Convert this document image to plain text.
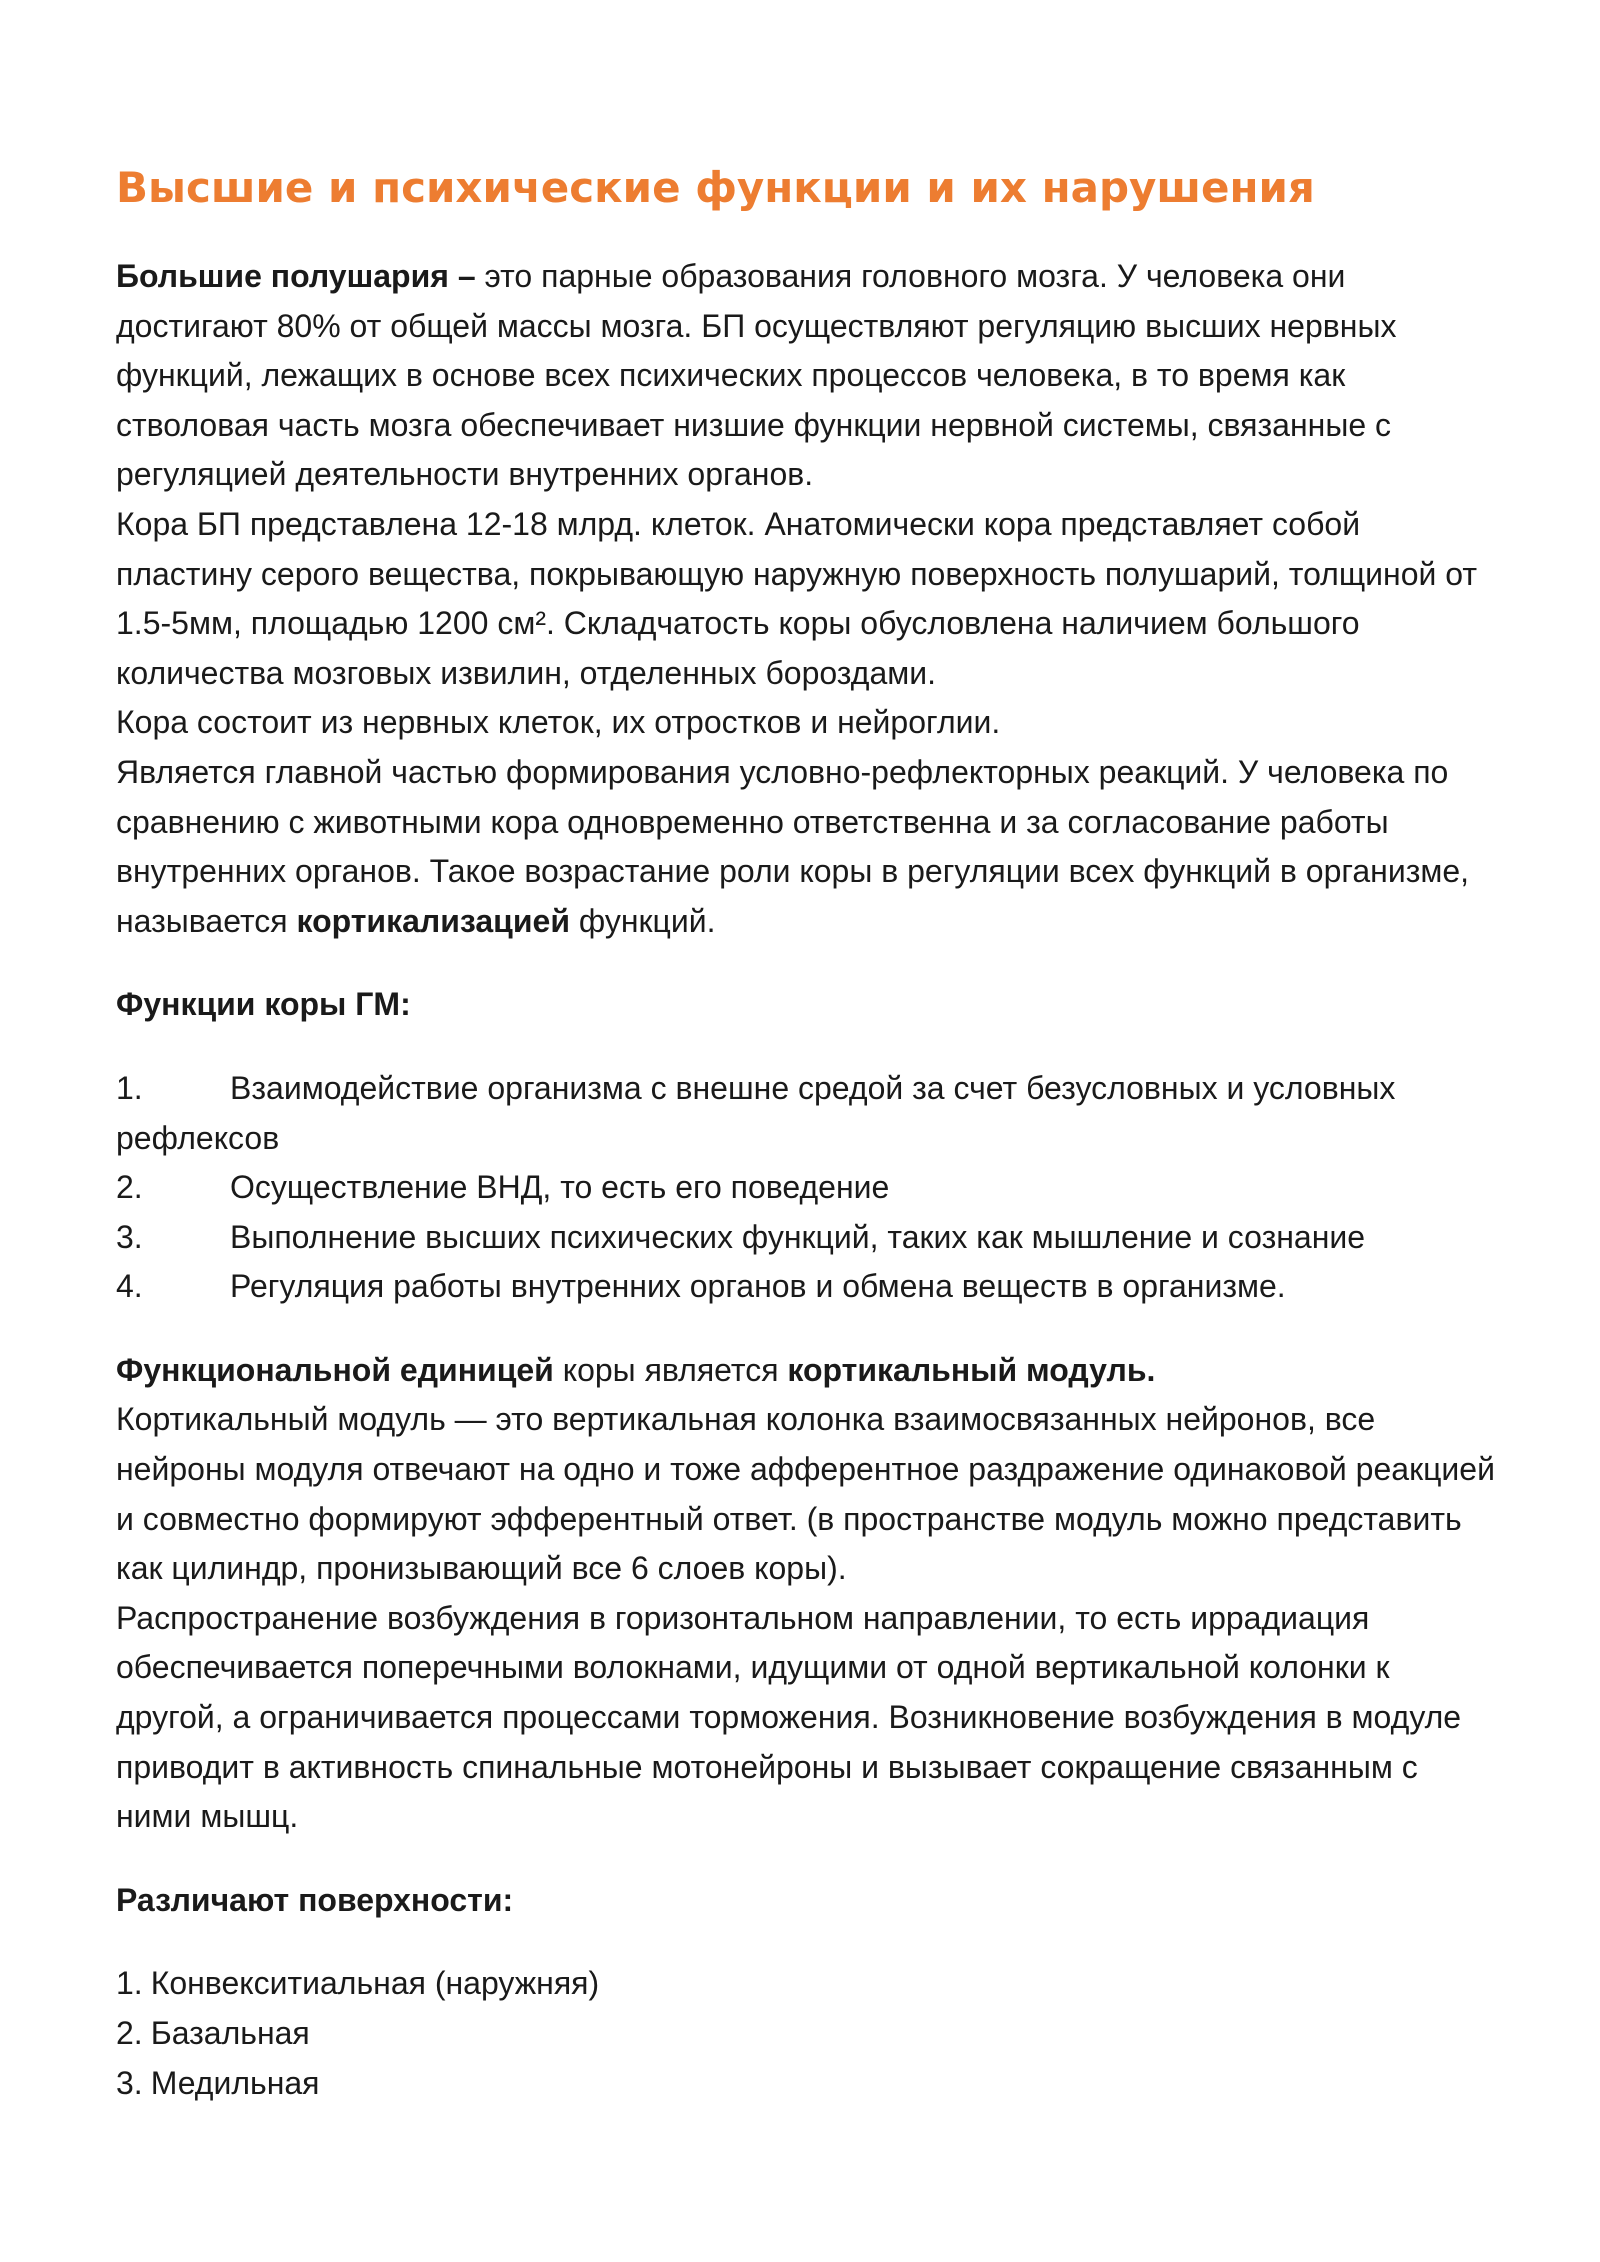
Высшие и психические функции и их нарушения

Большие полушария – это парные образования головного мозга. У человека они достигают 80% от общей массы мозга. БП осуществляют регуляцию высших нервных функций, лежащих в основе всех психических процессов человека, в то время как стволовая часть мозга обеспечивает низшие функции нервной системы, связанные с регуляцией деятельности внутренних органов.

Кора БП представлена 12-18 млрд. клеток. Анатомически кора представляет собой пластину серого вещества, покрывающую наружную поверхность полушарий, толщиной от 1.5-5мм, площадью 1200 см². Складчатость коры обусловлена наличием большого количества мозговых извилин, отделенных бороздами.

Кора состоит из нервных клеток, их отростков и нейроглии.

Является главной частью формирования условно-рефлекторных реакций. У человека по сравнению с животными кора одновременно ответственна и за согласование работы внутренних органов. Такое возрастание роли коры в регуляции всех функций в организме, называется кортикализацией функций.

Функции коры ГМ:
1.	Взаимодействие организма с внешне средой за счет безусловных и условных рефлексов
2.	Осуществление ВНД, то есть его поведение
3.	Выполнение высших психических функций, таких как мышление и сознание
4.	Регуляция работы внутренних органов и обмена веществ в организме.

Функциональной единицей коры является кортикальный модуль.

Кортикальный модуль — это вертикальная колонка взаимосвязанных нейронов, все нейроны модуля отвечают на одно и тоже афферентное раздражение одинаковой реакцией и совместно формируют эфферентный ответ. (в пространстве модуль можно представить как цилиндр, пронизывающий все 6 слоев коры).

Распространение возбуждения в горизонтальном направлении, то есть иррадиация обеспечивается поперечными волокнами, идущими от одной вертикальной колонки к другой, а ограничивается процессами торможения. Возникновение возбуждения в модуле приводит в активность спинальные мотонейроны и вызывает сокращение связанным с ними мышц.

Различают поверхности:
1. Конвекситиальная (наружняя)
2. Базальная
3. Медильная
